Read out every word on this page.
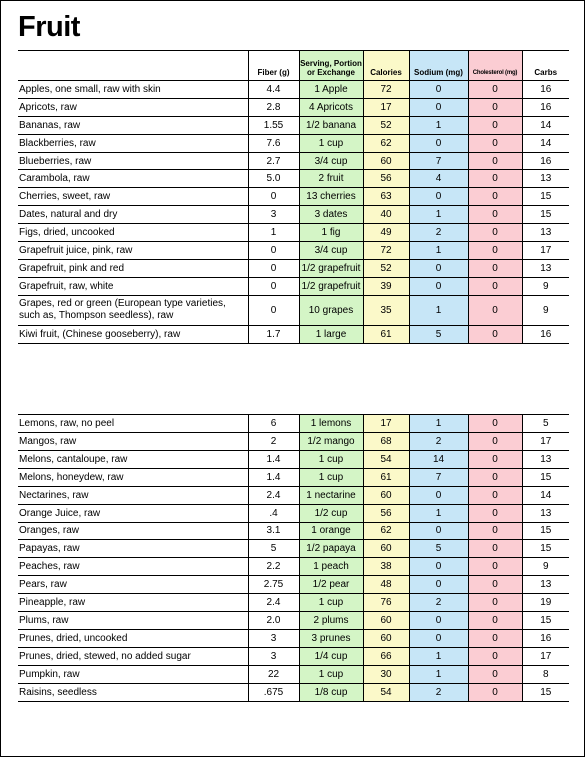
Fruit
	Fiber (g)	Serving, Portion or Exchange	Calories	Sodium (mg)	Cholesterol (mg)	Carbs
Apples, one small, raw with skin	4.4	1 Apple	72	0	0	16
Apricots, raw	2.8	4 Apricots	17	0	0	16
Bananas, raw	1.55	1/2 banana	52	1	0	14
Blackberries, raw	7.6	1 cup	62	0	0	14
Blueberries, raw	2.7	3/4 cup	60	7	0	16
Carambola, raw	5.0	2 fruit	56	4	0	13
Cherries, sweet, raw	0	13 cherries	63	0	0	15
Dates, natural and dry	3	3 dates	40	1	0	15
Figs, dried, uncooked	1	1 fig	49	2	0	13
Grapefruit juice, pink, raw	0	3/4 cup	72	1	0	17
Grapefruit, pink and red	0	1/2 grapefruit	52	0	0	13
Grapefruit, raw, white	0	1/2 grapefruit	39	0	0	9
Grapes, red or green (European type varieties, such as, Thompson seedless), raw	0	10 grapes	35	1	0	9
Kiwi fruit, (Chinese gooseberry), raw	1.7	1 large	61	5	0	16
Lemons, raw, no peel	6	1 lemons	17	1	0	5
Mangos, raw	2	1/2 mango	68	2	0	17
Melons, cantaloupe, raw	1.4	1 cup	54	14	0	13
Melons, honeydew, raw	1.4	1 cup	61	7	0	15
Nectarines, raw	2.4	1 nectarine	60	0	0	14
Orange Juice, raw	.4	1/2 cup	56	1	0	13
Oranges, raw	3.1	1 orange	62	0	0	15
Papayas, raw	5	1/2 papaya	60	5	0	15
Peaches, raw	2.2	1 peach	38	0	0	9
Pears, raw	2.75	1/2 pear	48	0	0	13
Pineapple, raw	2.4	1 cup	76	2	0	19
Plums, raw	2.0	2 plums	60	0	0	15
Prunes, dried, uncooked	3	3 prunes	60	0	0	16
Prunes, dried, stewed, no added sugar	3	1/4 cup	66	1	0	17
Pumpkin, raw	22	1 cup	30	1	0	8
Raisins, seedless	.675	1/8 cup	54	2	0	15
